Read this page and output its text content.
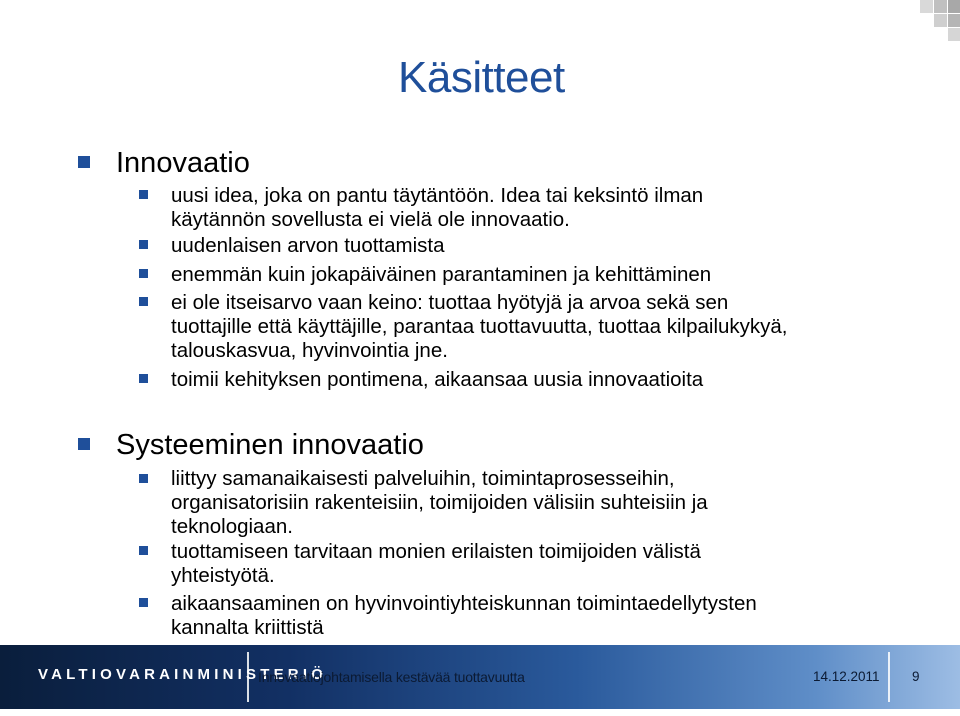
Käsitteet
Innovaatio
uusi idea, joka on pantu täytäntöön. Idea tai keksintö ilman
käytännön sovellusta ei vielä ole innovaatio.
uudenlaisen arvon tuottamista
enemmän kuin jokapäiväinen parantaminen ja kehittäminen
ei ole itseisarvo vaan keino: tuottaa hyötyjä ja arvoa sekä sen
tuottajille että käyttäjille, parantaa tuottavuutta, tuottaa kilpailukykyä,
talouskasvua, hyvinvointia jne.
toimii kehityksen pontimena, aikaansaa uusia innovaatioita
Systeeminen innovaatio
liittyy samanaikaisesti palveluihin, toimintaprosesseihin,
organisatorisiin rakenteisiin, toimijoiden välisiin suhteisiin ja
teknologiaan.
tuottamiseen tarvitaan monien erilaisten toimijoiden välistä
yhteistyötä.
aikaansaaminen on hyvinvointiyhteiskunnan toimintaedellytysten
kannalta kriittistä
VALTIOVARAINMINISTERIÖ
Innovaatiojohtamisella kestävää tuottavuutta	14.12.2011 9
